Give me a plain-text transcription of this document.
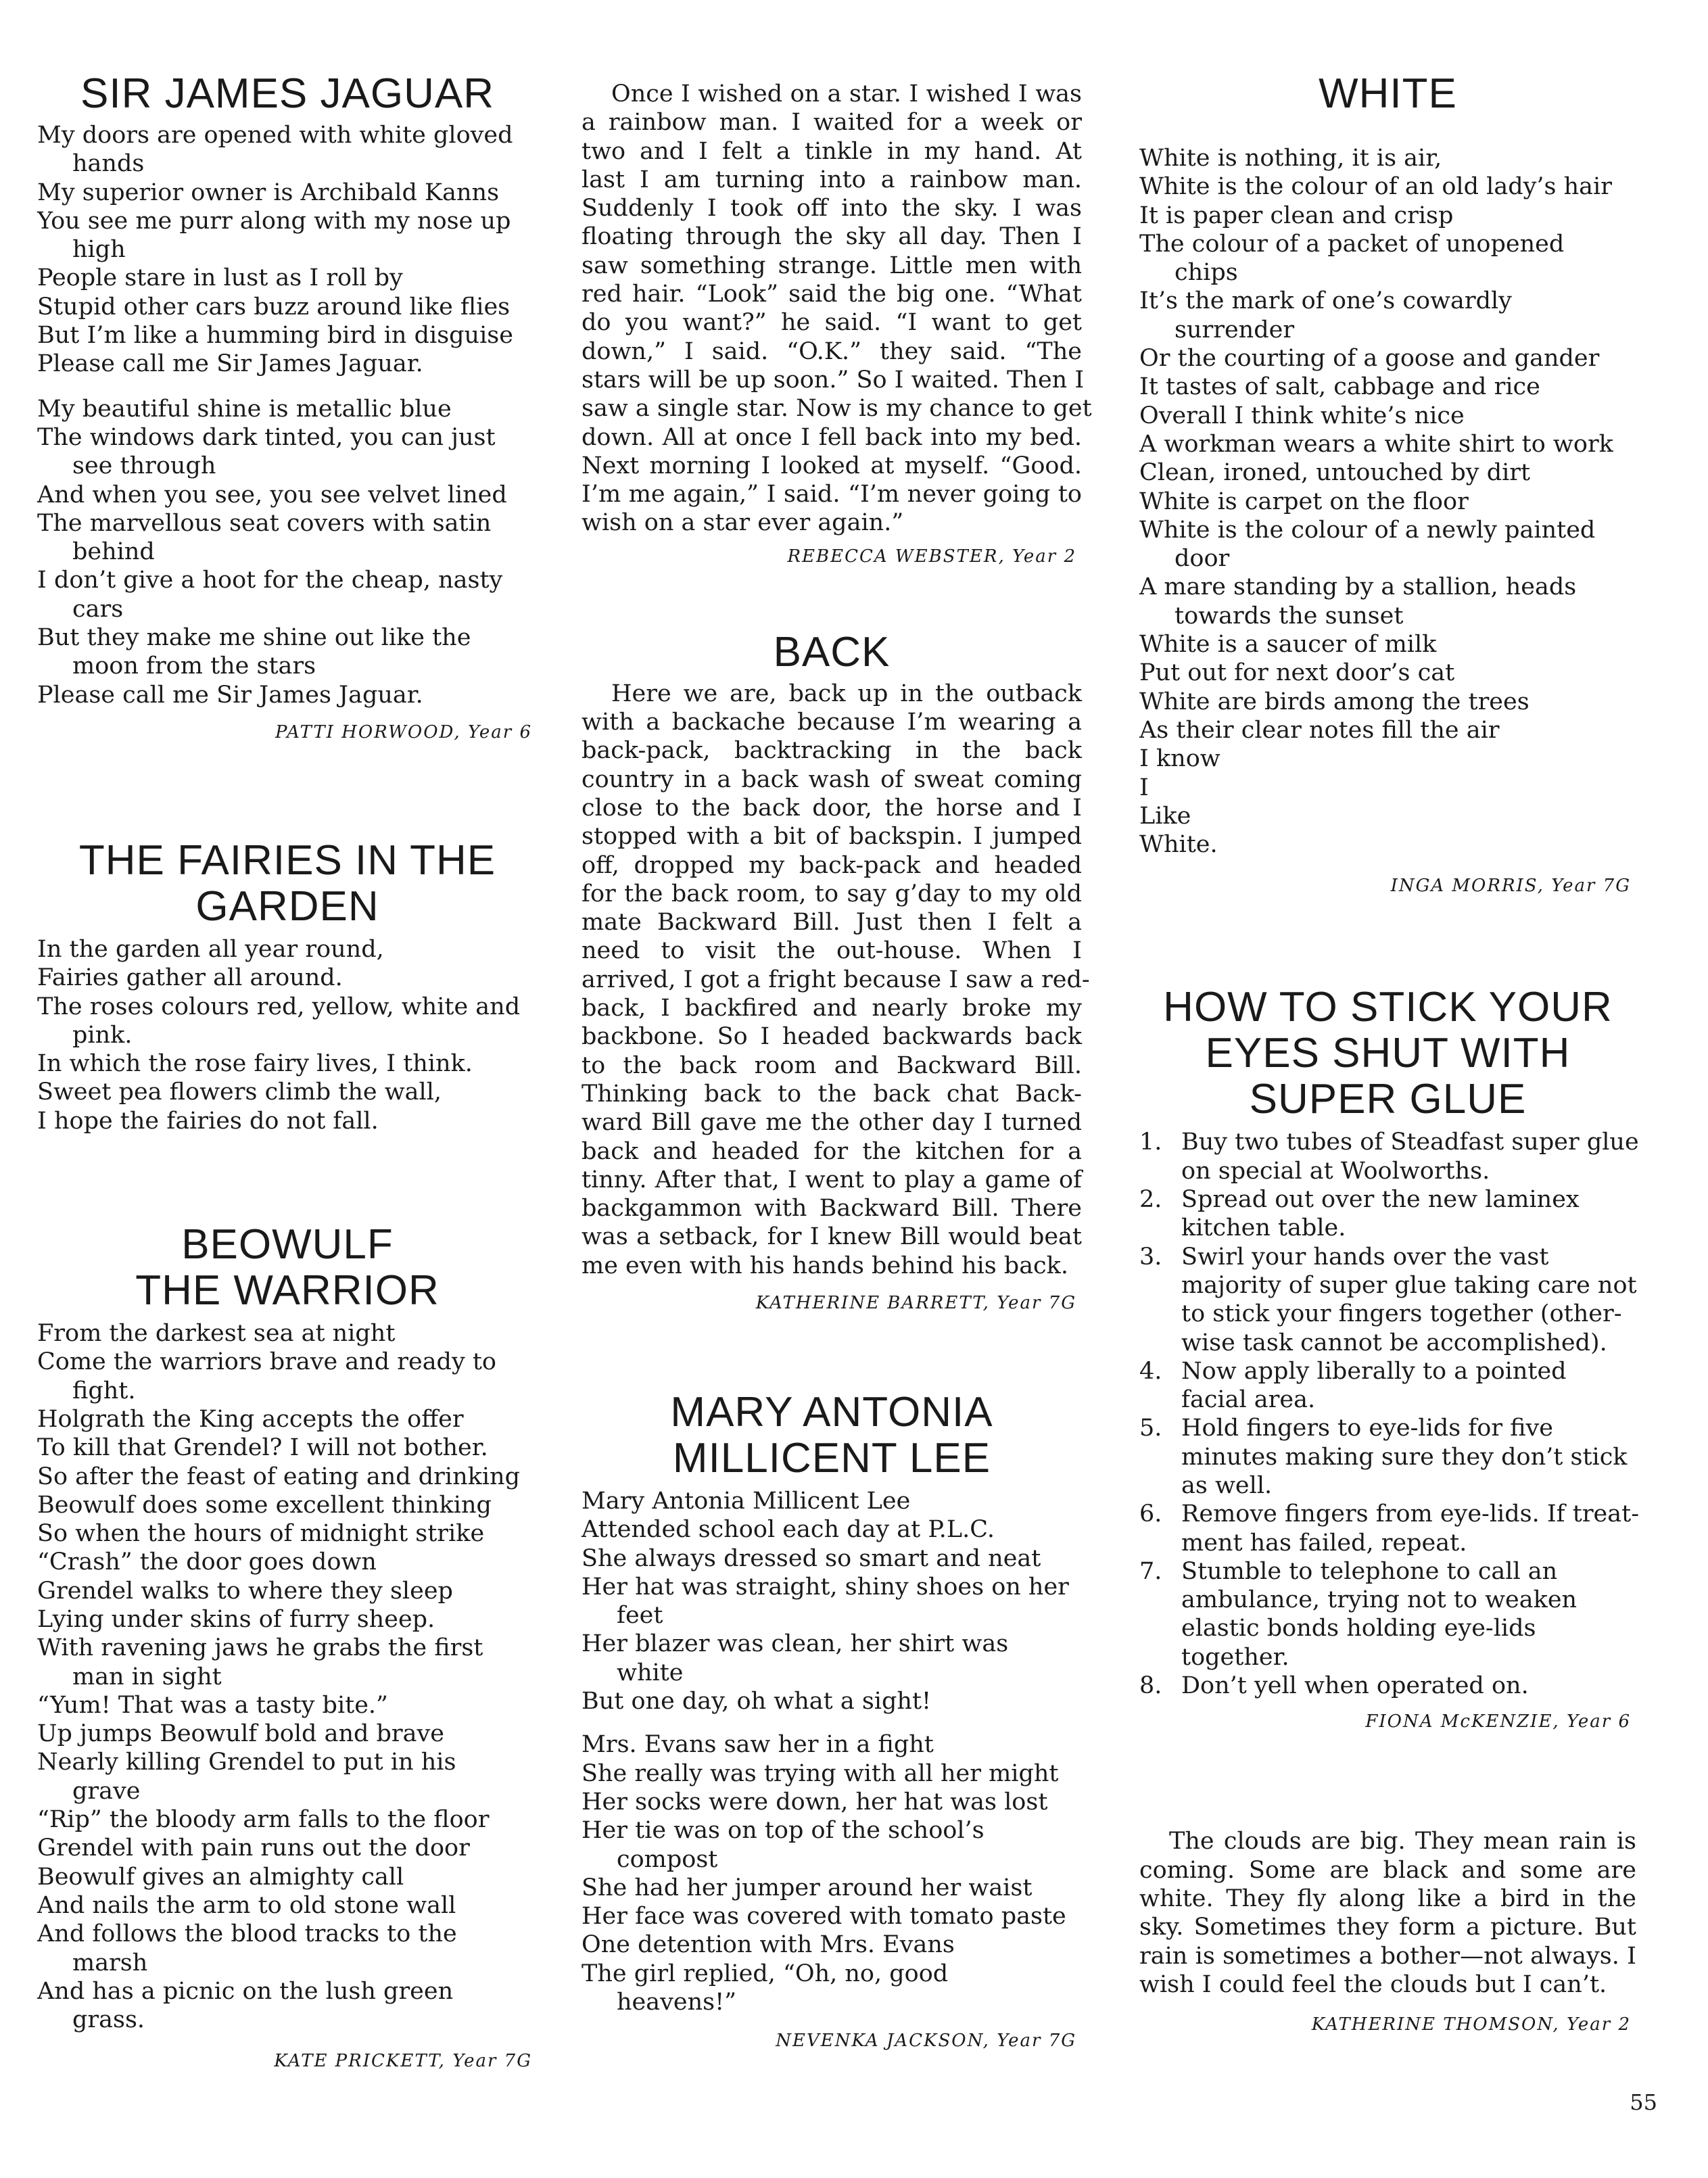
SIR JAMES JAGUAR
My doors are opened with white gloved
hands
My superior owner is Archibald Kanns
You see me purr along with my nose up
high
People stare in lust as I roll by
Stupid other cars buzz around like flies
But I’m like a humming bird in disguise
Please call me Sir James Jaguar.
My beautiful shine is metallic blue
The windows dark tinted, you can just
see through
And when you see, you see velvet lined
The marvellous seat covers with satin
behind
I don’t give a hoot for the cheap, nasty
cars
But they make me shine out like the
moon from the stars
Please call me Sir James Jaguar.
PATTI HORWOOD, Year 6
THE FAIRIES IN THE
GARDEN
In the garden all year round,
Fairies gather all around.
The roses colours red, yellow, white and
pink.
In which the rose fairy lives, I think.
Sweet pea flowers climb the wall,
I hope the fairies do not fall.
BEOWULF
THE WARRIOR
From the darkest sea at night
Come the warriors brave and ready to
fight.
Holgrath the King accepts the offer
To kill that Grendel? I will not bother.
So after the feast of eating and drinking
Beowulf does some excellent thinking
So when the hours of midnight strike
“Crash” the door goes down
Grendel walks to where they sleep
Lying under skins of furry sheep.
With ravening jaws he grabs the first
man in sight
“Yum! That was a tasty bite.”
Up jumps Beowulf bold and brave
Nearly killing Grendel to put in his
grave
“Rip” the bloody arm falls to the floor
Grendel with pain runs out the door
Beowulf gives an almighty call
And nails the arm to old stone wall
And follows the blood tracks to the
marsh
And has a picnic on the lush green
grass.
KATE PRICKETT, Year 7G
Once I wished on a star. I wished I was
a rainbow man. I waited for a week or
two and I felt a tinkle in my hand. At
last I am turning into a rainbow man.
Suddenly I took off into the sky. I was
floating through the sky all day. Then I
saw something strange. Little men with
red hair. “Look” said the big one. “What
do you want?” he said. “I want to get
down,” I said. “O.K.” they said. “The
stars will be up soon.” So I waited. Then I
saw a single star. Now is my chance to get
down. All at once I fell back into my bed.
Next morning I looked at myself. “Good.
I’m me again,” I said. “I’m never going to
wish on a star ever again.”
REBECCA WEBSTER, Year 2
BACK
Here we are, back up in the outback
with a backache because I’m wearing a
back-pack, backtracking in the back
country in a back wash of sweat coming
close to the back door, the horse and I
stopped with a bit of backspin. I jumped
off, dropped my back-pack and headed
for the back room, to say g’day to my old
mate Backward Bill. Just then I felt a
need to visit the out-house. When I
arrived, I got a fright because I saw a red-
back, I backfired and nearly broke my
backbone. So I headed backwards back
to the back room and Backward Bill.
Thinking back to the back chat Back-
ward Bill gave me the other day I turned
back and headed for the kitchen for a
tinny. After that, I went to play a game of
backgammon with Backward Bill. There
was a setback, for I knew Bill would beat
me even with his hands behind his back.
KATHERINE BARRETT, Year 7G
MARY ANTONIA
MILLICENT LEE
Mary Antonia Millicent Lee
Attended school each day at P.L.C.
She always dressed so smart and neat
Her hat was straight, shiny shoes on her
feet
Her blazer was clean, her shirt was
white
But one day, oh what a sight!
Mrs. Evans saw her in a fight
She really was trying with all her might
Her socks were down, her hat was lost
Her tie was on top of the school’s
compost
She had her jumper around her waist
Her face was covered with tomato paste
One detention with Mrs. Evans
The girl replied, “Oh, no, good
heavens!”
NEVENKA JACKSON, Year 7G
WHITE
White is nothing, it is air,
White is the colour of an old lady’s hair
It is paper clean and crisp
The colour of a packet of unopened
chips
It’s the mark of one’s cowardly
surrender
Or the courting of a goose and gander
It tastes of salt, cabbage and rice
Overall I think white’s nice
A workman wears a white shirt to work
Clean, ironed, untouched by dirt
White is carpet on the floor
White is the colour of a newly painted
door
A mare standing by a stallion, heads
towards the sunset
White is a saucer of milk
Put out for next door’s cat
White are birds among the trees
As their clear notes fill the air
I know
I
Like
White.
INGA MORRIS, Year 7G
HOW TO STICK YOUR
EYES SHUT WITH
SUPER GLUE
1. Buy two tubes of Steadfast super glue
on special at Woolworths.
2. Spread out over the new laminex
kitchen table.
3. Swirl your hands over the vast
majority of super glue taking care not
to stick your fingers together (other-
wise task cannot be accomplished).
4. Now apply liberally to a pointed
facial area.
5. Hold fingers to eye-lids for five
minutes making sure they don’t stick
as well.
6. Remove fingers from eye-lids. If treat-
ment has failed, repeat.
7. Stumble to telephone to call an
ambulance, trying not to weaken
elastic bonds holding eye-lids
together.
8. Don’t yell when operated on.
FIONA McKENZIE, Year 6
The clouds are big. They mean rain is
coming. Some are black and some are
white. They fly along like a bird in the
sky. Sometimes they form a picture. But
rain is sometimes a bother—not always. I
wish I could feel the clouds but I can’t.
KATHERINE THOMSON, Year 2
55
